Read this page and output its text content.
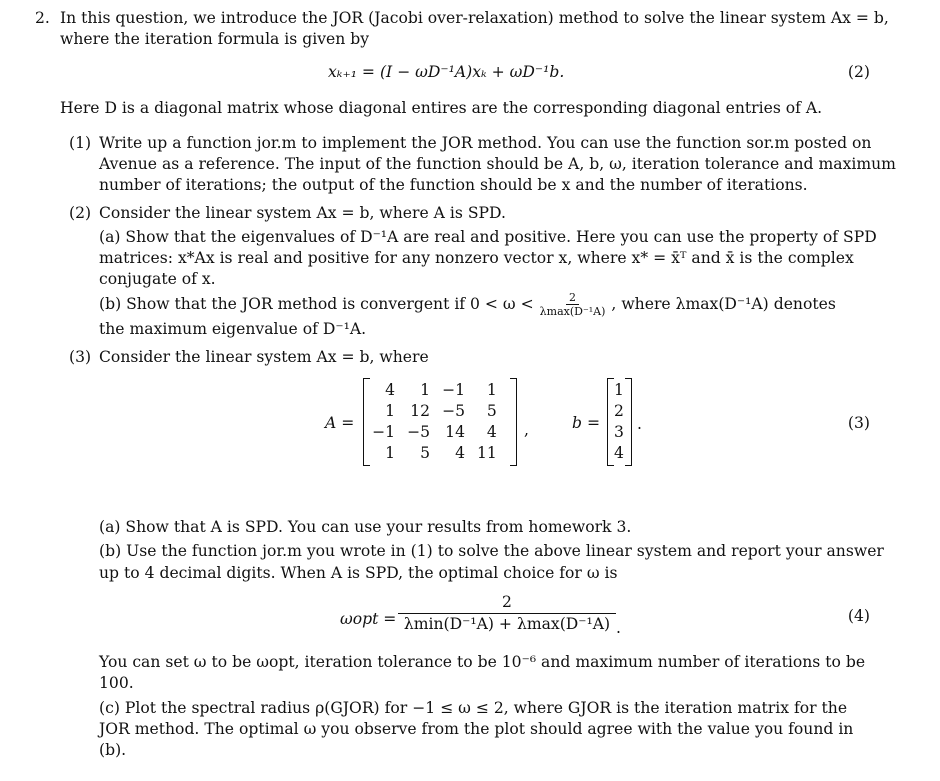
2. In this question, we introduce the JOR (Jacobi over-relaxation) method to solve the linear system Ax = b,
where the iteration formula is given by
xₖ₊₁ = (I − ωD⁻¹A)xₖ + ωD⁻¹b.	(2)
Here D is a diagonal matrix whose diagonal entires are the corresponding diagonal entries of A.
(1) Write up a function jor.m to implement the JOR method. You can use the function sor.m posted on
Avenue as a reference. The input of the function should be A, b, ω, iteration tolerance and maximum
number of iterations; the output of the function should be x and the number of iterations.
(2) Consider the linear system Ax = b, where A is SPD.
(a) Show that the eigenvalues of D⁻¹A are real and positive. Here you can use the property of SPD
matrices: x*Ax is real and positive for any nonzero vector x, where x* = x̄ᵀ and x̄ is the complex
conjugate of x.
(b) Show that the JOR method is convergent if $0 < \omega < \frac{2}{\text{λmax(D⁻¹A)}}$ , where λmax(D⁻¹A) denotes
the maximum eigenvalue of D⁻¹A.
(3) Consider the linear system Ax = b, where
A =
4	1	−1	1
1	12	−5	5
−1	−5	14	4
1	5	4	11
,	b =
1
2
3
4
.	(3)
(a) Show that A is SPD. You can use your results from homework 3.
(b) Use the function jor.m you wrote in (1) to solve the above linear system and report your answer
up to 4 decimal digits. When A is SPD, the optimal choice for ω is
$\omega opt = \frac{2}{\text{λmin(D⁻¹A) + λmax(D⁻¹A)}}$ .
(4)
You can set ω to be ωopt, iteration tolerance to be 10⁻⁶ and maximum number of iterations to be
100.
(c) Plot the spectral radius ρ(GJOR) for −1 ≤ ω ≤ 2, where GJOR is the iteration matrix for the
JOR method. The optimal ω you observe from the plot should agree with the value you found in
(b).
